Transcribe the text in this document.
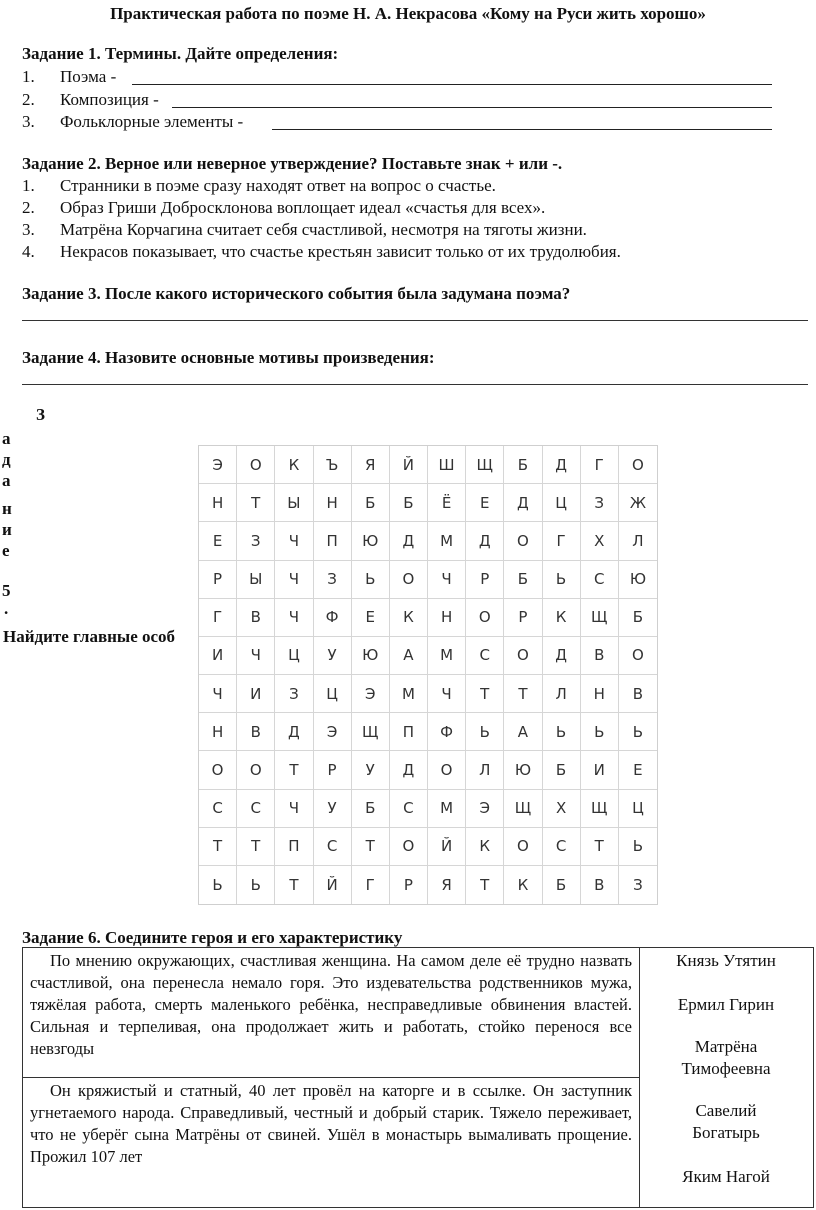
Практическая работа по поэме Н. А. Некрасова «Кому на Руси жить хорошо»
Задание 1. Термины. Дайте определения:
1. Поэма -
2. Композиция -
3. Фольклорные элементы -
Задание 2. Верное или неверное утверждение? Поставьте знак + или -.
1. Странники в поэме сразу находят ответ на вопрос о счастье.
2. Образ Гриши Добросклонова воплощает идеал «счастья для всех».
3. Матрёна Корчагина считает себя счастливой, несмотря на тяготы жизни.
4. Некрасов показывает, что счастье крестьян зависит только от их трудолюбия.
Задание 3. После какого исторического события была задумана поэма?
Задание 4. Назовите основные мотивы произведения:
З
а
д
а
н
и
е
5
.
Найдите главные особ
Э	О	К	Ъ	Я	Й	Ш	Щ	Б	Д	Г	О
Н	Т	Ы	Н	Б	Б	Ё	Е	Д	Ц	З	Ж
Е	З	Ч	П	Ю	Д	М	Д	О	Г	Х	Л
Р	Ы	Ч	З	Ь	О	Ч	Р	Б	Ь	С	Ю
Г	В	Ч	Ф	Е	К	Н	О	Р	К	Щ	Б
И	Ч	Ц	У	Ю	А	М	С	О	Д	В	О
Ч	И	З	Ц	Э	М	Ч	Т	Т	Л	Н	В
Н	В	Д	Э	Щ	П	Ф	Ь	А	Ь	Ь	Ь
О	О	Т	Р	У	Д	О	Л	Ю	Б	И	Е
С	С	Ч	У	Б	С	М	Э	Щ	Х	Щ	Ц
Т	Т	П	С	Т	О	Й	К	О	С	Т	Ь
Ь	Ь	Т	Й	Г	Р	Я	Т	К	Б	В	З
Задание 6. Соедините героя и его характеристику
По мнению окружающих, счастливая женщина. На самом деле её трудно назвать счастливой, она перенесла немало горя. Это издевательства родственников мужа, тяжёлая работа, смерть маленького ребёнка, несправедливые обвинения властей. Сильная и терпеливая, она продолжает жить и работать, стойко перенося все невзгоды

Князь Утятин
Ермил Гирин
Матрёна
Тимофеевна
Савелий
Богатырь
Яким Нагой

Он кряжистый и статный, 40 лет провёл на каторге и в ссылке. Он заступник угнетаемого народа. Справедливый, честный и добрый старик. Тяжело переживает, что не уберёг сына Матрёны от свиней. Ушёл в монастырь вымаливать прощение. Прожил 107 лет
